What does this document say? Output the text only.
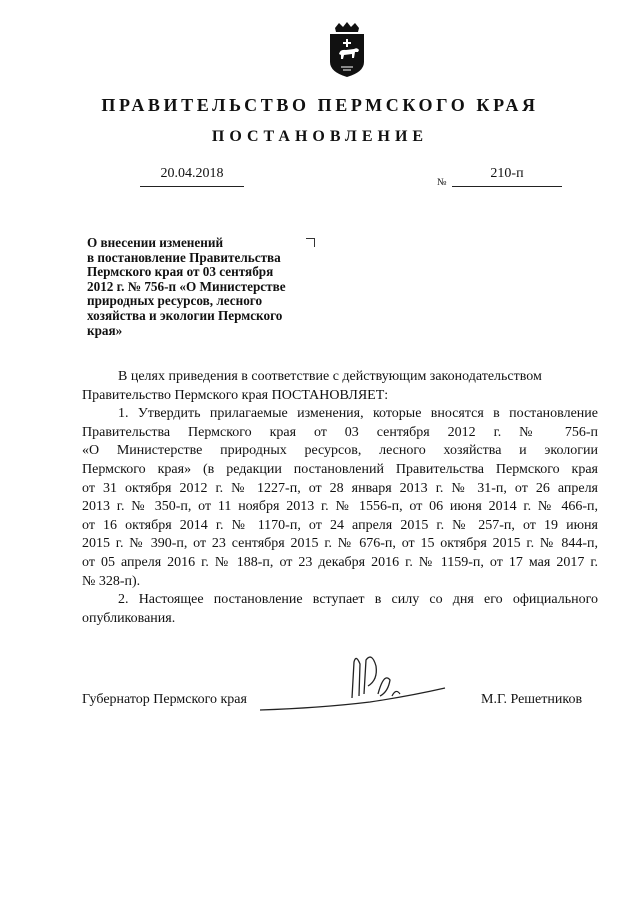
ПРАВИТЕЛЬСТВО ПЕРМСКОГО КРАЯ
ПОСТАНОВЛЕНИЕ
20.04.2018
№
210-п
О внесении изменений
в постановление Правительства
Пермского края от 03 сентября
2012 г. № 756-п «О Министерстве
природных ресурсов, лесного
хозяйства и экологии Пермского
края»
В целях приведения в соответствие с действующим законодательством
Правительство Пермского края ПОСТАНОВЛЯЕТ:
1. Утвердить прилагаемые изменения, которые вносятся в постановление
Правительства Пермского края от 03 сентября 2012 г. № 756-п
«О Министерстве природных ресурсов, лесного хозяйства и экологии
Пермского края» (в редакции постановлений Правительства Пермского края
от 31 октября 2012 г. № 1227-п, от 28 января 2013 г. № 31-п, от 26 апреля
2013 г. № 350-п, от 11 ноября 2013 г. № 1556-п, от 06 июня 2014 г. № 466-п,
от 16 октября 2014 г. № 1170-п, от 24 апреля 2015 г. № 257-п, от 19 июня
2015 г. № 390-п, от 23 сентября 2015 г. № 676-п, от 15 октября 2015 г. № 844-п,
от 05 апреля 2016 г. № 188-п, от 23 декабря 2016 г. № 1159-п, от 17 мая 2017 г.
№ 328-п).
2. Настоящее постановление вступает в силу со дня его официального
опубликования.
Губернатор Пермского края	М.Г. Решетников
